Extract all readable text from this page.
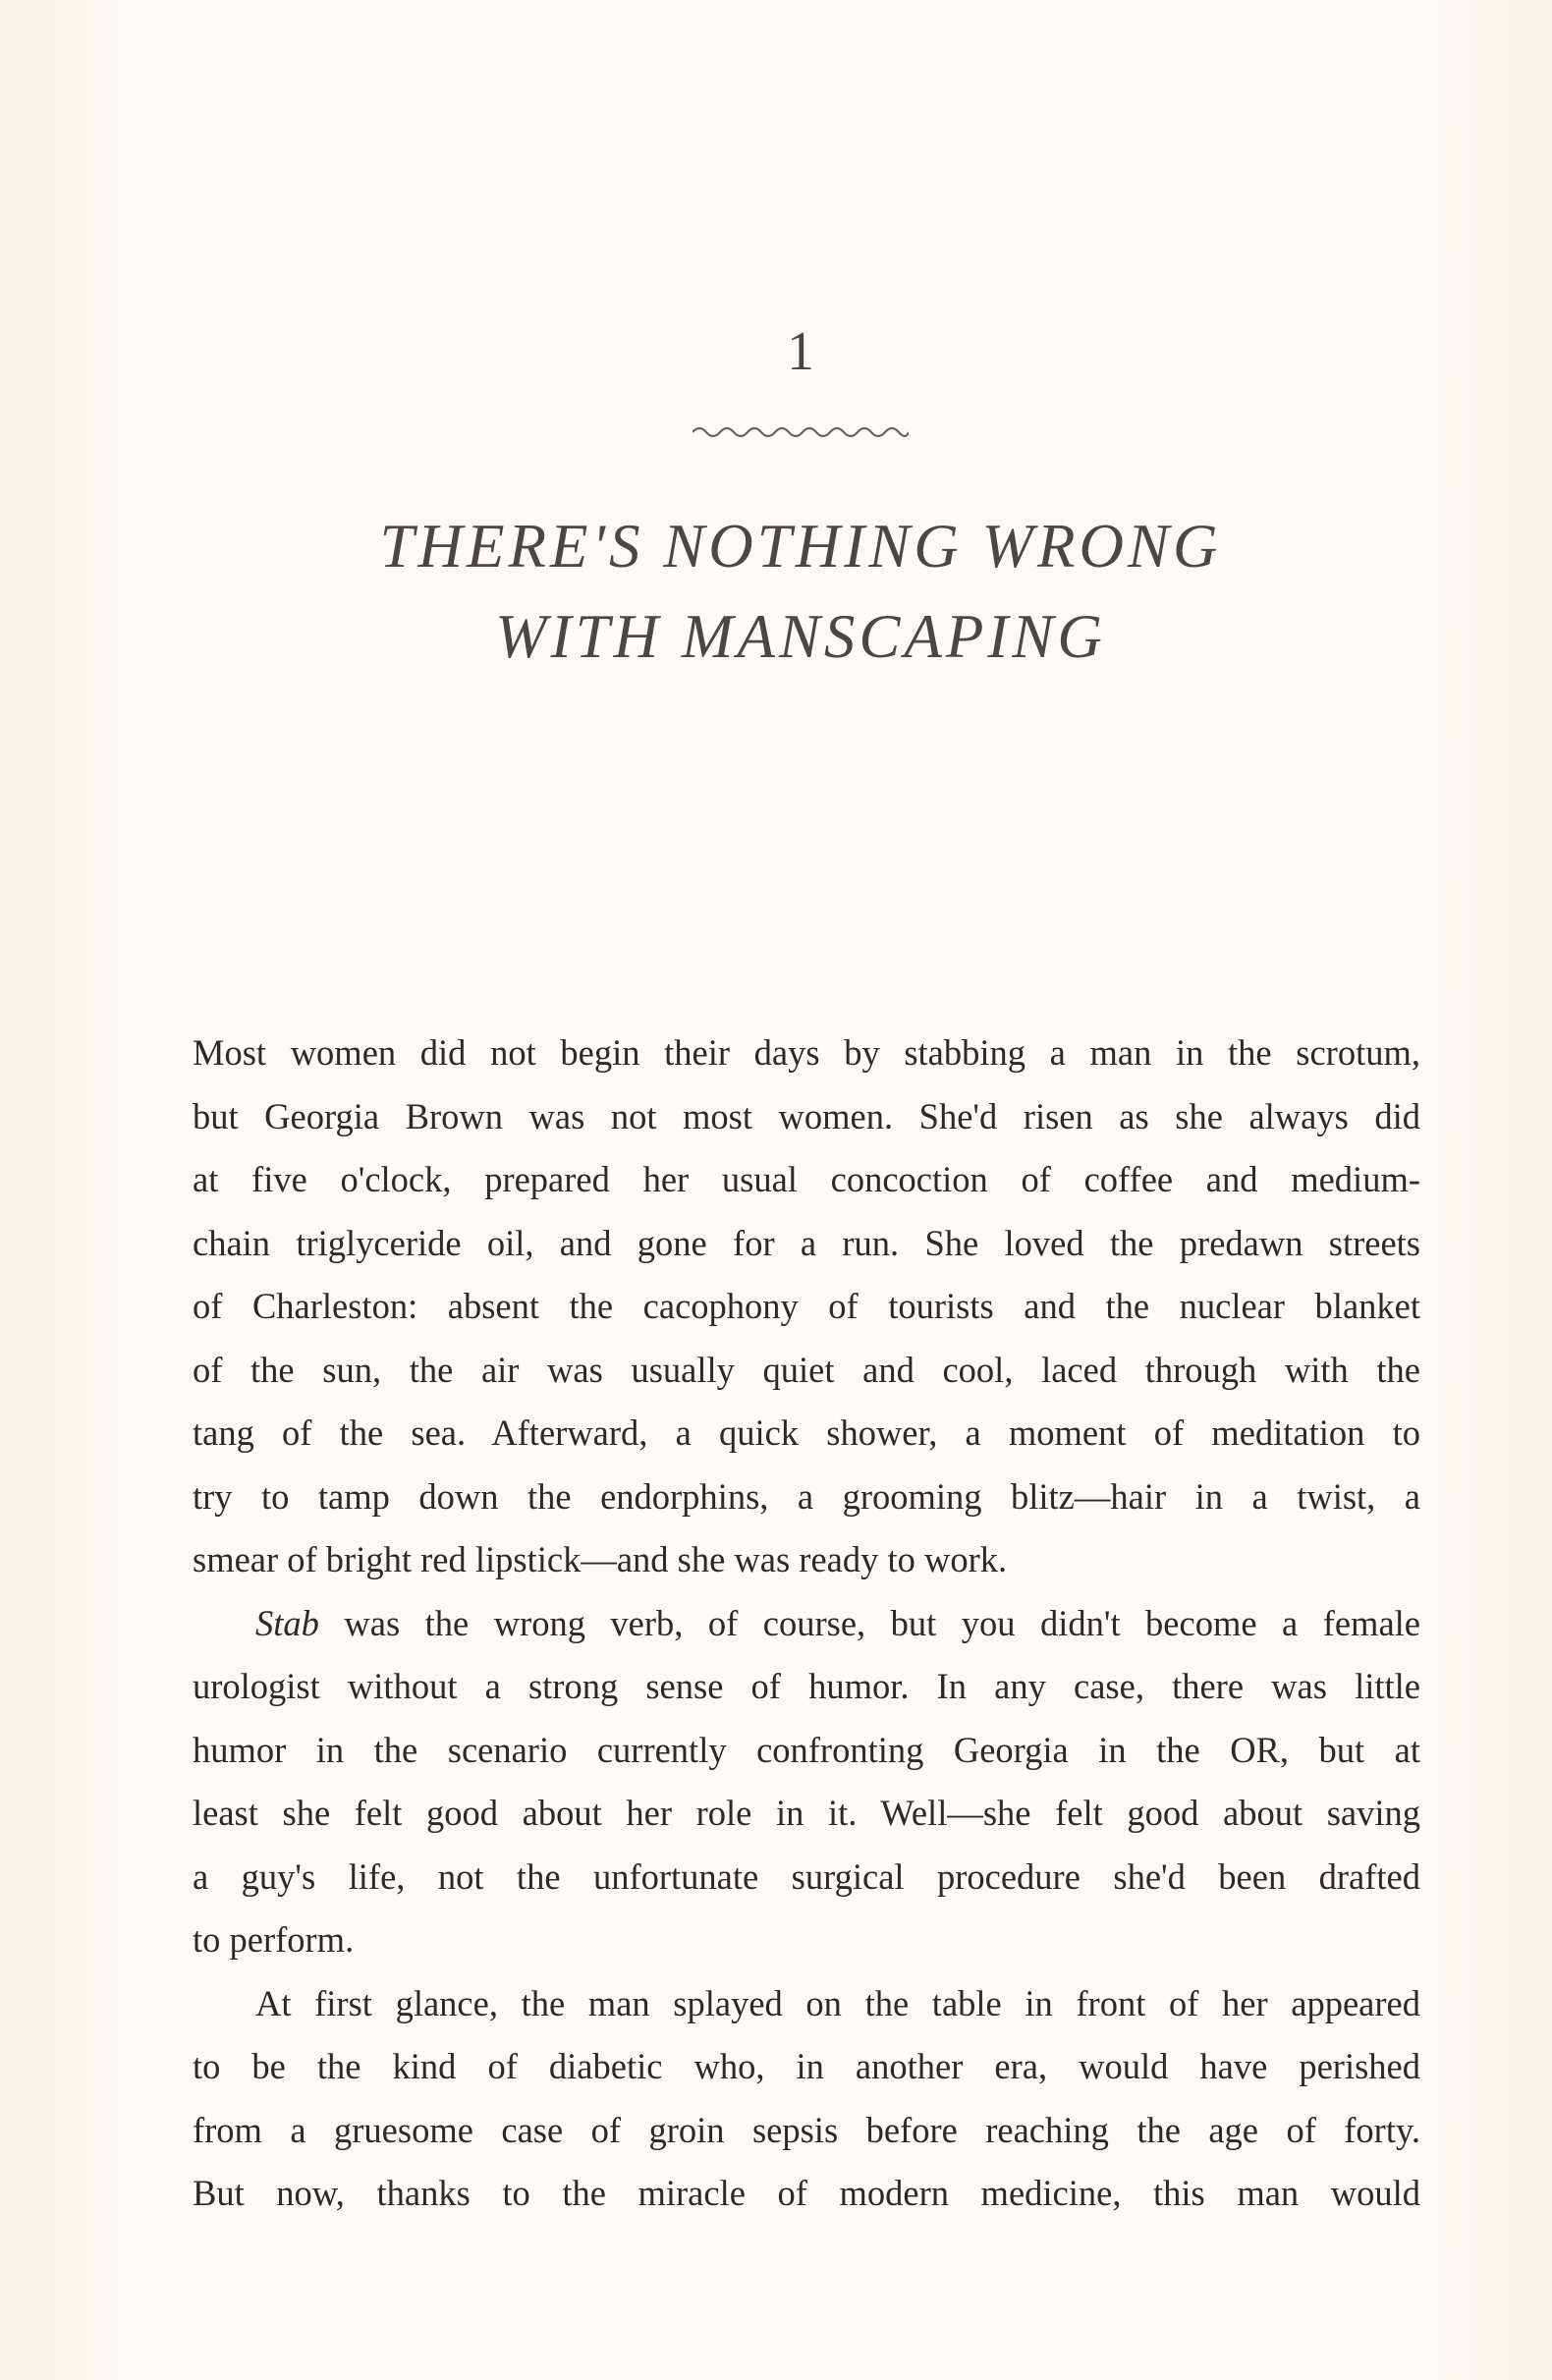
1
THERE'S NOTHING WRONG
WITH MANSCAPING

Most women did not begin their days by stabbing a man in the scrotum,
but Georgia Brown was not most women. She'd risen as she always did
at five o'clock, prepared her usual concoction of coffee and medium-
chain triglyceride oil, and gone for a run. She loved the predawn streets
of Charleston: absent the cacophony of tourists and the nuclear blanket
of the sun, the air was usually quiet and cool, laced through with the
tang of the sea. Afterward, a quick shower, a moment of meditation to
try to tamp down the endorphins, a grooming blitz—hair in a twist, a
smear of bright red lipstick—and she was ready to work.

Stab was the wrong verb, of course, but you didn't become a female
urologist without a strong sense of humor. In any case, there was little
humor in the scenario currently confronting Georgia in the OR, but at
least she felt good about her role in it. Well—she felt good about saving
a guy's life, not the unfortunate surgical procedure she'd been drafted
to perform.

At first glance, the man splayed on the table in front of her appeared
to be the kind of diabetic who, in another era, would have perished
from a gruesome case of groin sepsis before reaching the age of forty.
But now, thanks to the miracle of modern medicine, this man would
